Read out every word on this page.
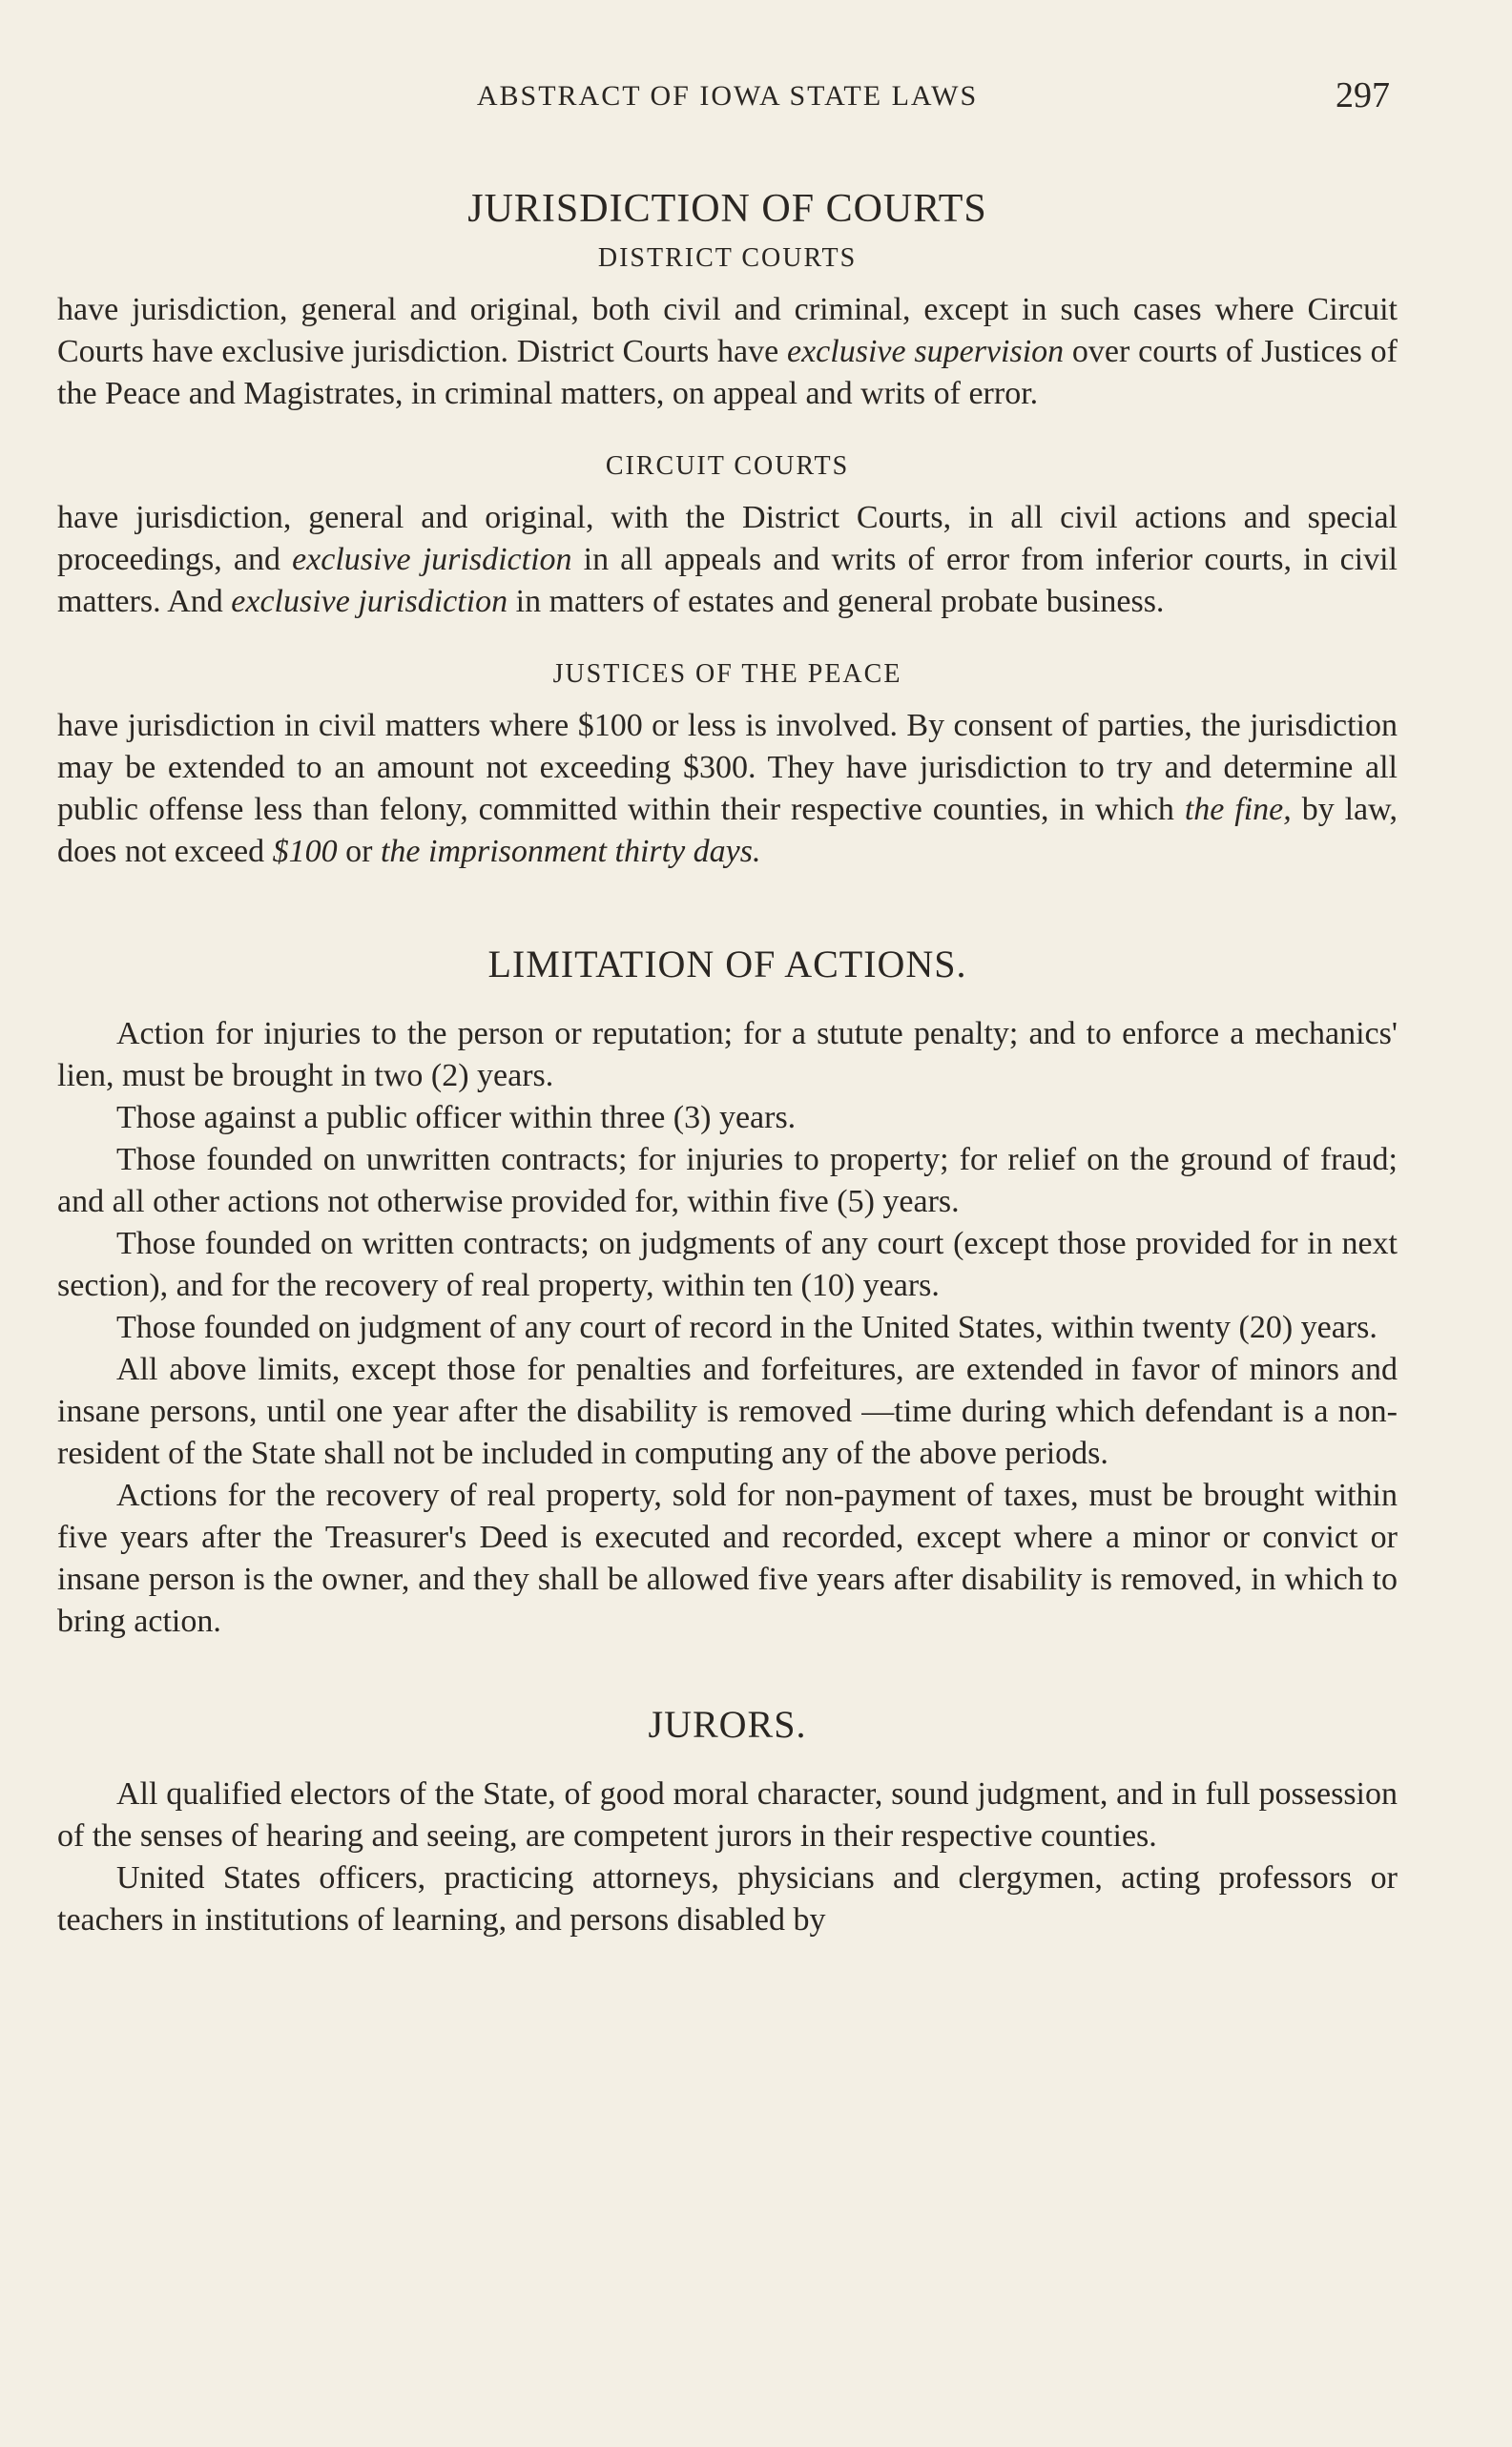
ABSTRACT OF IOWA STATE LAWS	297
JURISDICTION OF COURTS
DISTRICT COURTS

have jurisdiction, general and original, both civil and criminal, except in such cases where Circuit Courts have exclusive jurisdiction. District Courts have exclusive supervision over courts of Justices of the Peace and Magistrates, in criminal matters, on appeal and writs of error.

CIRCUIT COURTS

have jurisdiction, general and original, with the District Courts, in all civil actions and special proceedings, and exclusive jurisdiction in all appeals and writs of error from inferior courts, in civil matters. And exclusive jurisdiction in matters of estates and general probate business.

JUSTICES OF THE PEACE

have jurisdiction in civil matters where $100 or less is involved. By consent of parties, the jurisdiction may be extended to an amount not exceeding $300. They have jurisdiction to try and determine all public offense less than felony, committed within their respective counties, in which the fine, by law, does not exceed $100 or the imprisonment thirty days.

LIMITATION OF ACTIONS.

Action for injuries to the person or reputation; for a stutute penalty; and to enforce a mechanics' lien, must be brought in two (2) years.

Those against a public officer within three (3) years.

Those founded on unwritten contracts; for injuries to property; for relief on the ground of fraud; and all other actions not otherwise provided for, within five (5) years.

Those founded on written contracts; on judgments of any court (except those provided for in next section), and for the recovery of real property, within ten (10) years.

Those founded on judgment of any court of record in the United States, within twenty (20) years.

All above limits, except those for penalties and forfeitures, are extended in favor of minors and insane persons, until one year after the disability is removed —time during which defendant is a non-resident of the State shall not be included in computing any of the above periods.

Actions for the recovery of real property, sold for non-payment of taxes, must be brought within five years after the Treasurer's Deed is executed and recorded, except where a minor or convict or insane person is the owner, and they shall be allowed five years after disability is removed, in which to bring action.

JURORS.

All qualified electors of the State, of good moral character, sound judgment, and in full possession of the senses of hearing and seeing, are competent jurors in their respective counties.

United States officers, practicing attorneys, physicians and clergymen, acting professors or teachers in institutions of learning, and persons disabled by
